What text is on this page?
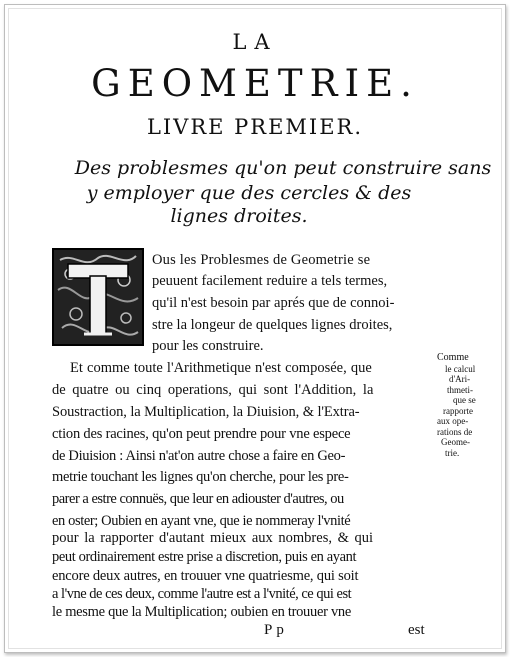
LA
GEOMETRIE.
LIVRE PREMIER.
Des problesmes qu'on peut construire sans
y employer que des cercles & des
lignes droites.
Ous les Problesmes de Geometrie se
peuuent facilement reduire a tels termes,
qu'il n'est besoin par aprés que de connoi-
stre la longeur de quelques lignes droites,
pour les construire.
Et comme toute l'Arithmetique n'est composée, que
de quatre ou cinq operations, qui sont l'Addition, la
Soustraction, la Multiplication, la Diuision, & l'Extra-
ction des racines, qu'on peut prendre pour vne espece
de Diuision : Ainsi n'at'on autre chose a faire en Geo-
metrie touchant les lignes qu'on cherche, pour les pre-
parer a estre connuës, que leur en adiouster d'autres, ou
en oster; Oubien en ayant vne, que ie nommeray l'vnité
pour la rapporter d'autant mieux aux nombres, & qui
peut ordinairement estre prise a discretion, puis en ayant
encore deux autres, en trouuer vne quatriesme, qui soit
a l'vne de ces deux, comme l'autre est a l'vnité, ce qui est
le mesme que la Multiplication; oubien en trouuer vne
Comme
le calcul
d'Ari-
thmeti-
que se
rapporte
aux ope-
rations de
Geome-
trie.
Pp	est
